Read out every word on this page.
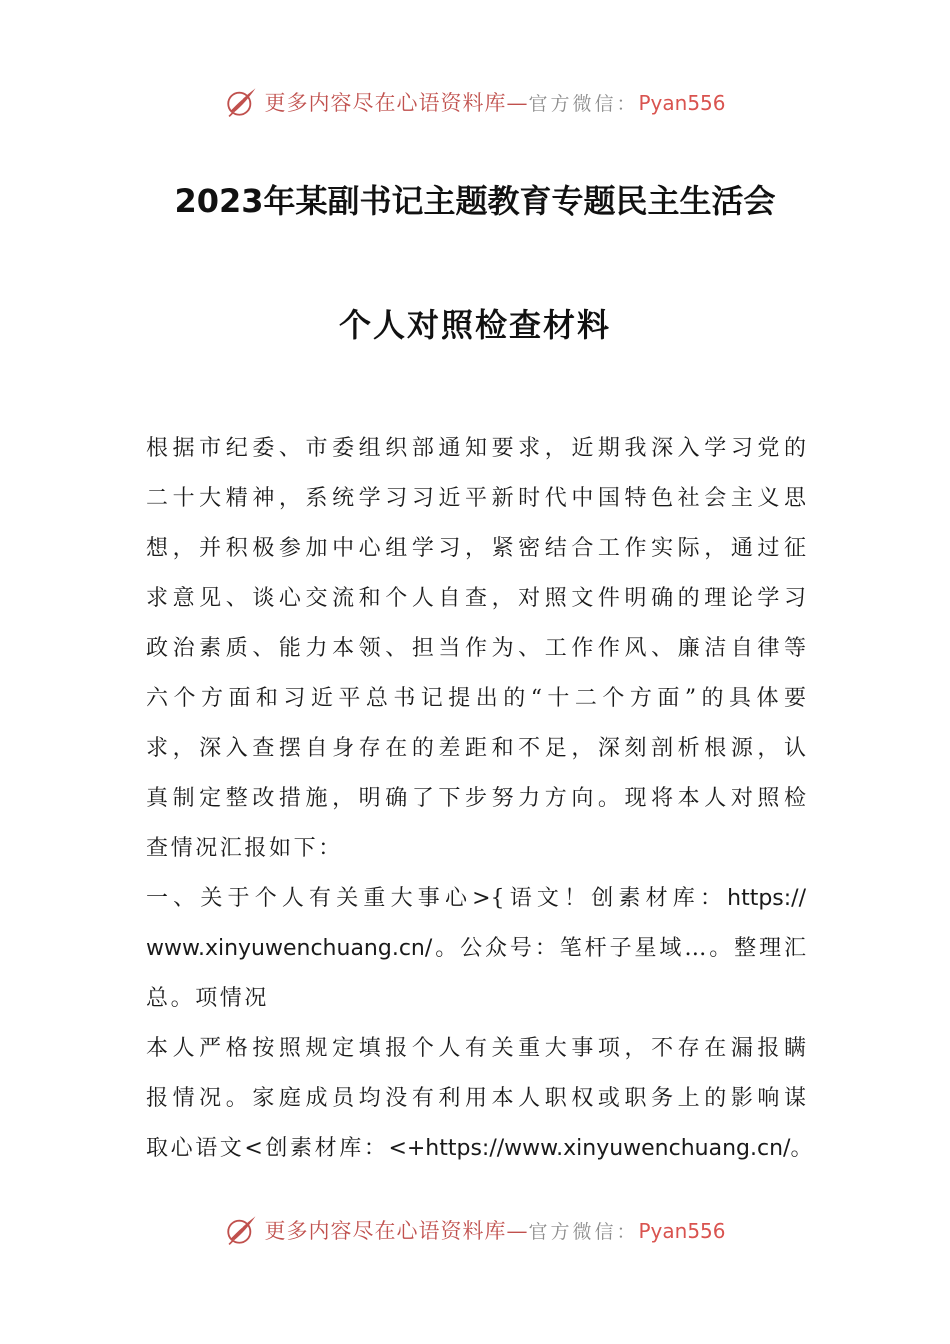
更多内容尽在心语资料库—官方微信：Pyan556
2023年某副书记主题教育专题民主生活会
个人对照检查材料
根据市纪委、市委组织部通知要求，近期我深入学习党的
二十大精神，系统学习习近平新时代中国特色社会主义思
想，并积极参加中心组学习，紧密结合工作实际，通过征
求意见、谈心交流和个人自查，对照文件明确的理论学习
政治素质、能力本领、担当作为、工作作风、廉洁自律等
六个方面和习近平总书记提出的“十二个方面”的具体要
求，深入查摆自身存在的差距和不足，深刻剖析根源，认
真制定整改措施，明确了下步努力方向。现将本人对照检
查情况汇报如下：
一、关于个人有关重大事心>{语文！创素材库：https://
www.xinyuwenchuang.cn/。公众号：笔杆子星域…。整理汇
总。项情况
本人严格按照规定填报个人有关重大事项，不存在漏报瞒
报情况。家庭成员均没有利用本人职权或职务上的影响谋
取心语文<创素材库：<+https://www.xinyuwenchuang.cn/。
更多内容尽在心语资料库—官方微信：Pyan556
